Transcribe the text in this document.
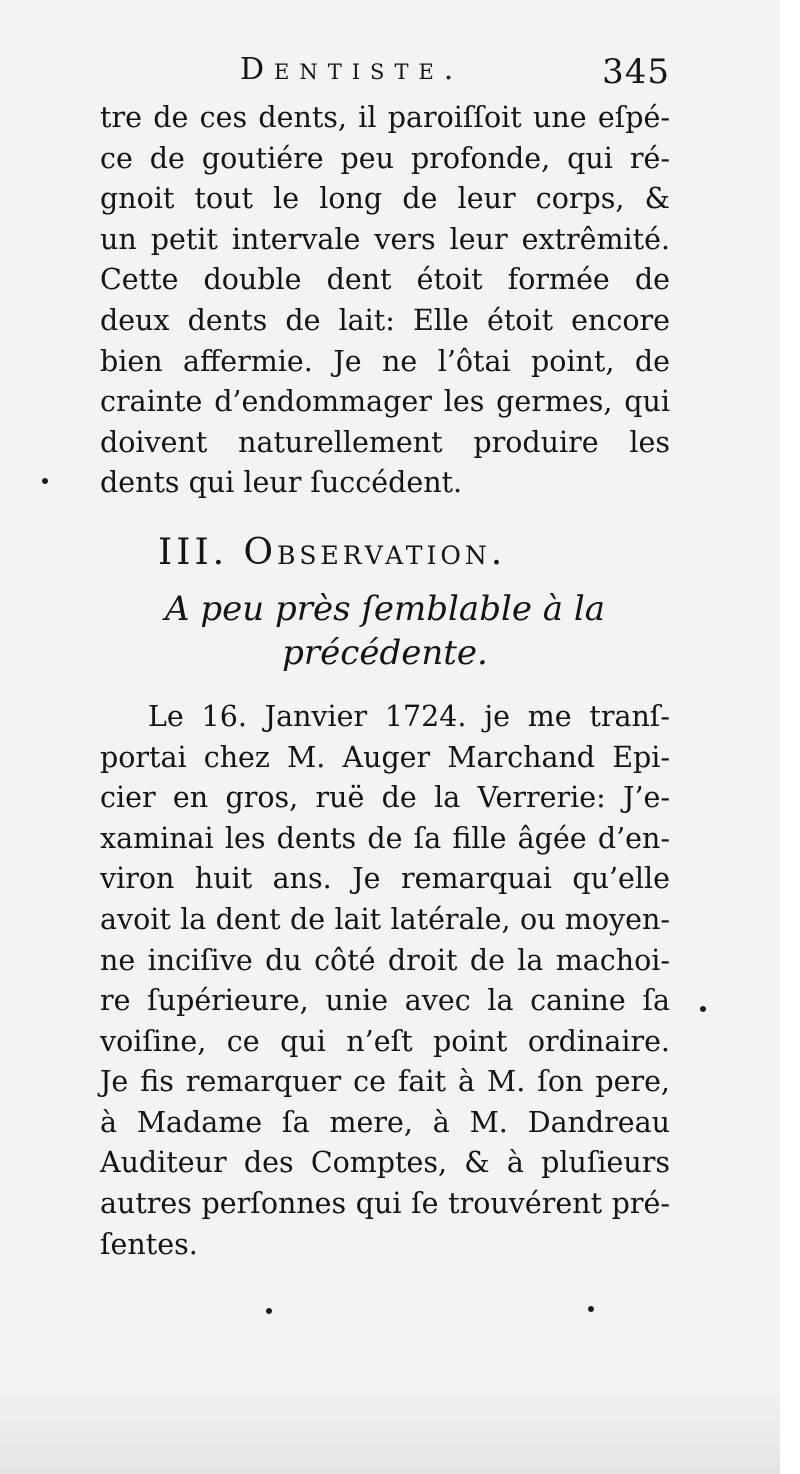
Dentiste.	345
tre de ces dents, il paroiſſoit une eſpé-
ce de goutiére peu profonde, qui ré-
gnoit tout le long de leur corps, &
un petit intervale vers leur extrêmité.
Cette double dent étoit formée de
deux dents de lait: Elle étoit encore
bien affermie. Je ne l’ôtai point, de
crainte d’endommager les germes, qui
doivent naturellement produire les
dents qui leur ſuccédent.
III. Observation.
A peu près ſemblable à la
précédente.
Le 16. Janvier 1724. je me tranſ-
portai chez M. Auger Marchand Epi-
cier en gros, ruë de la Verrerie: J’e-
xaminai les dents de ſa fille âgée d’en-
viron huit ans. Je remarquai qu’elle
avoit la dent de lait latérale, ou moyen-
ne inciſive du côté droit de la machoi-
re ſupérieure, unie avec la canine ſa
voiſine, ce qui n’eſt point ordinaire.
Je fis remarquer ce fait à M. ſon pere,
à Madame ſa mere, à M. Dandreau
Auditeur des Comptes, & à pluſieurs
autres perſonnes qui ſe trouvérent pré-
ſentes.
